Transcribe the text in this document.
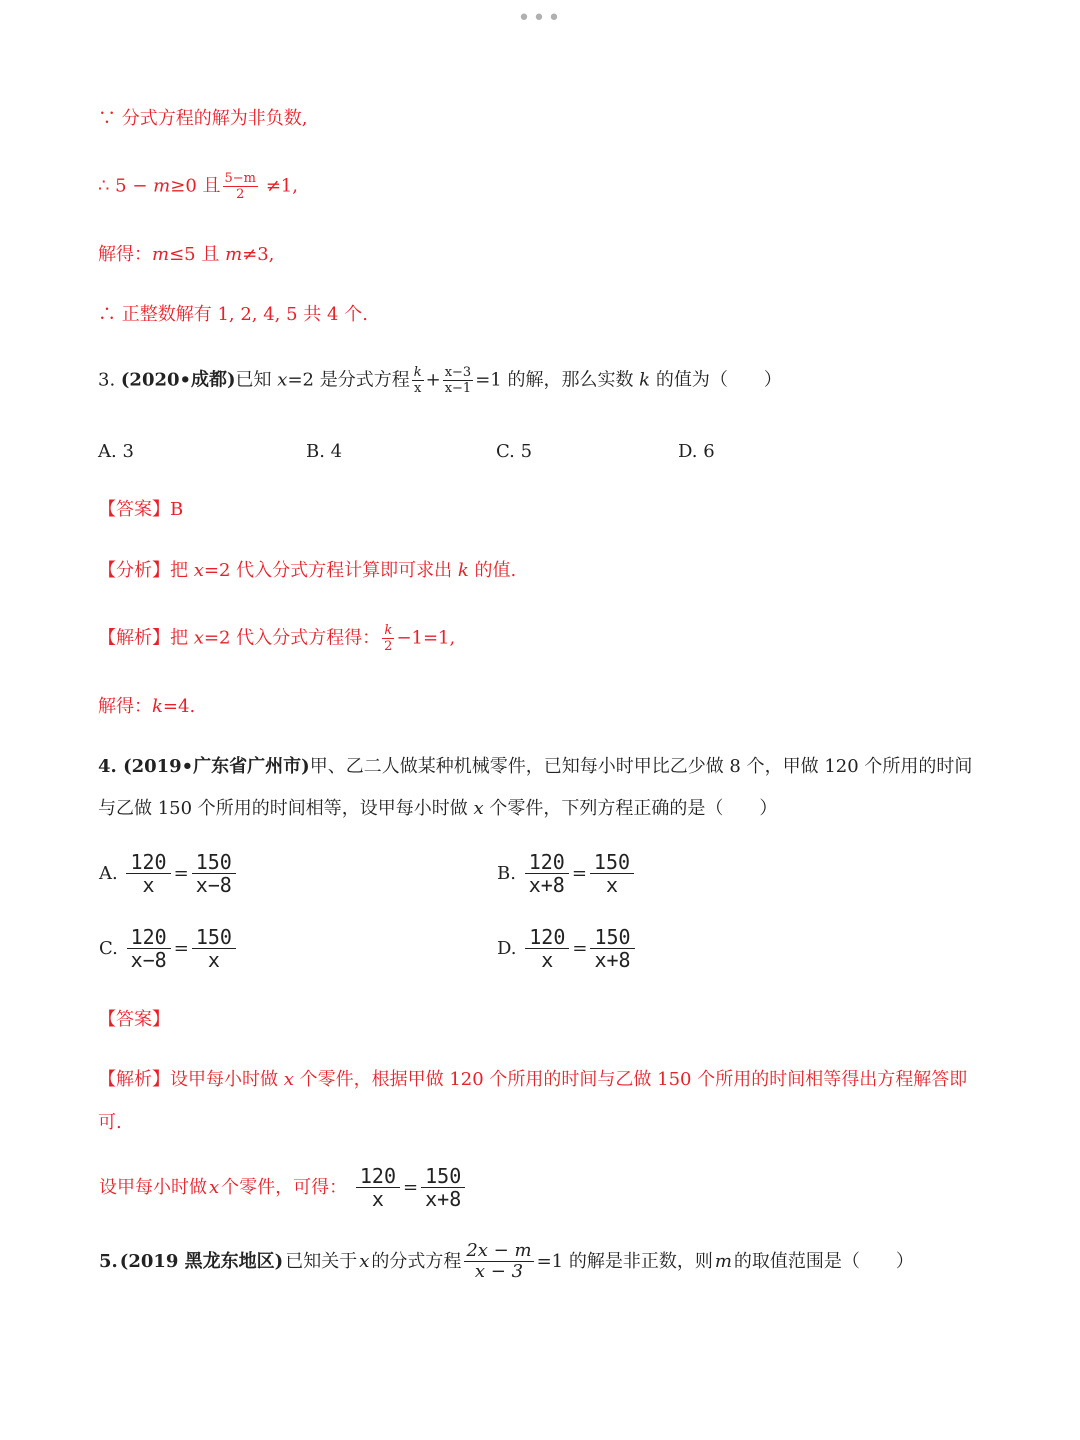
•••
∵ 分式方程的解为非负数,
∴ 5 − m≥0 且 $\frac{5-m}{2} \ne 1$,
解得：m≤5 且 m≠3,
∴ 正整数解有 1, 2, 4, 5 共 4 个.
3. (2020•成都)已知 x=2 是分式方程 $\frac{k}{x} + \frac{x-3}{x-1} =1$ 的解，那么实数 k 的值为（　　）
A. 3	B. 4	C. 5	D. 6
【答案】B
【分析】把 x=2 代入分式方程计算即可求出 k 的值.
【解析】把 x=2 代入分式方程得： $\frac{k}{2} -1=1$,
解得：k=4.
4. (2019•广东省广州市)甲、乙二人做某种机械零件，已知每小时甲比乙少做 8 个，甲做 120 个所用的时间
与乙做 150 个所用的时间相等，设甲每小时做 x 个零件，下列方程正确的是（　　）
A. $\frac{120}{x} = \frac{150}{x-8}$	B. $\frac{120}{x+8} = \frac{150}{x}$
C. $\frac{120}{x-8} = \frac{150}{x}$	D. $\frac{120}{x} = \frac{150}{x+8}$
【答案】
【解析】设甲每小时做 x 个零件，根据甲做 120 个所用的时间与乙做 150 个所用的时间相等得出方程解答即
可.
设甲每小时做x个零件，可得： $\frac{120}{x} = \frac{150}{x+8}$
5.(2019 黑龙东地区) 已知关于x的分式方程 $\frac{2x - m}{x - 3} =1$ 的解是非正数，则m的取值范围是（　　）
